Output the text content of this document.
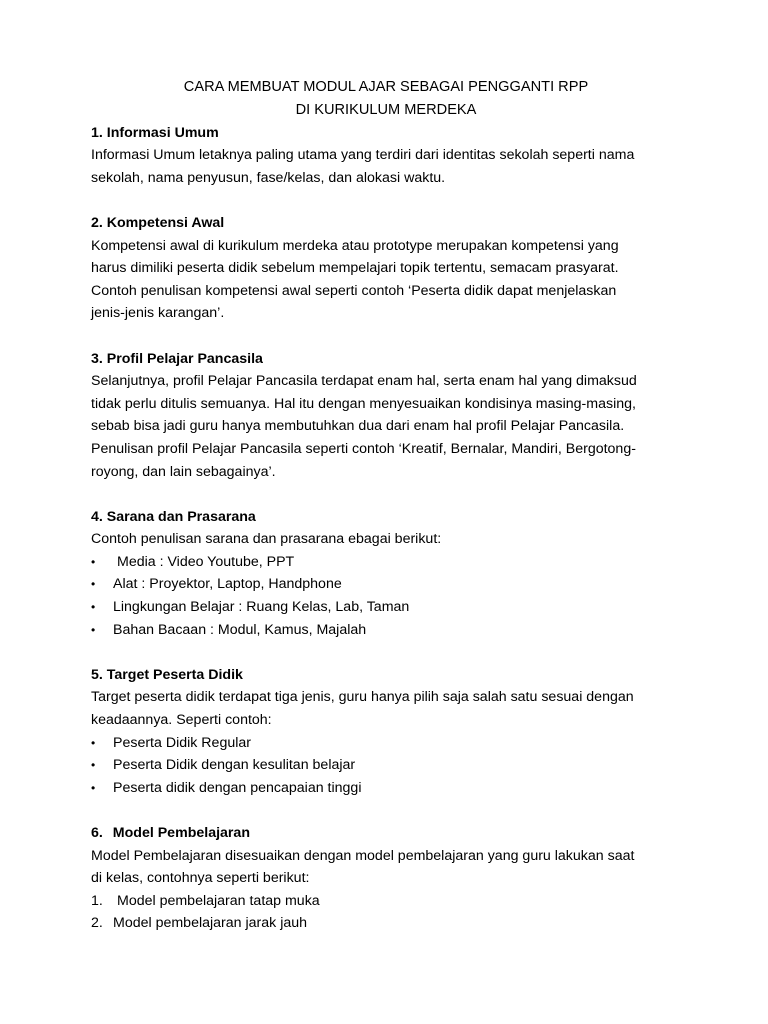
CARA MEMBUAT MODUL AJAR SEBAGAI PENGGANTI RPP
DI KURIKULUM MERDEKA

1. Informasi Umum

Informasi Umum letaknya paling utama yang terdiri dari identitas sekolah seperti nama
sekolah, nama penyusun, fase/kelas, dan alokasi waktu.

2. Kompetensi Awal

Kompetensi awal di kurikulum merdeka atau prototype merupakan kompetensi yang
harus dimiliki peserta didik sebelum mempelajari topik tertentu, semacam prasyarat.
Contoh penulisan kompetensi awal seperti contoh ‘Peserta didik dapat menjelaskan
jenis-jenis karangan’.

3. Profil Pelajar Pancasila

Selanjutnya, profil Pelajar Pancasila terdapat enam hal, serta enam hal yang dimaksud
tidak perlu ditulis semuanya. Hal itu dengan menyesuaikan kondisinya masing-masing,
sebab bisa jadi guru hanya membutuhkan dua dari enam hal profil Pelajar Pancasila.
Penulisan profil Pelajar Pancasila seperti contoh ‘Kreatif, Bernalar, Mandiri, Bergotong-
royong, dan lain sebagainya’.

4. Sarana dan Prasarana

Contoh penulisan sarana dan prasarana ebagai berikut:

• Media : Video Youtube, PPT
• Alat : Proyektor, Laptop, Handphone
• Lingkungan Belajar : Ruang Kelas, Lab, Taman
• Bahan Bacaan : Modul, Kamus, Majalah

5. Target Peserta Didik

Target peserta didik terdapat tiga jenis, guru hanya pilih saja salah satu sesuai dengan
keadaannya. Seperti contoh:

• Peserta Didik Regular
• Peserta Didik dengan kesulitan belajar
• Peserta didik dengan pencapaian tinggi

6. Model Pembelajaran

Model Pembelajaran disesuaikan dengan model pembelajaran yang guru lakukan saat
di kelas, contohnya seperti berikut:

1. Model pembelajaran tatap muka
2. Model pembelajaran jarak jauh
